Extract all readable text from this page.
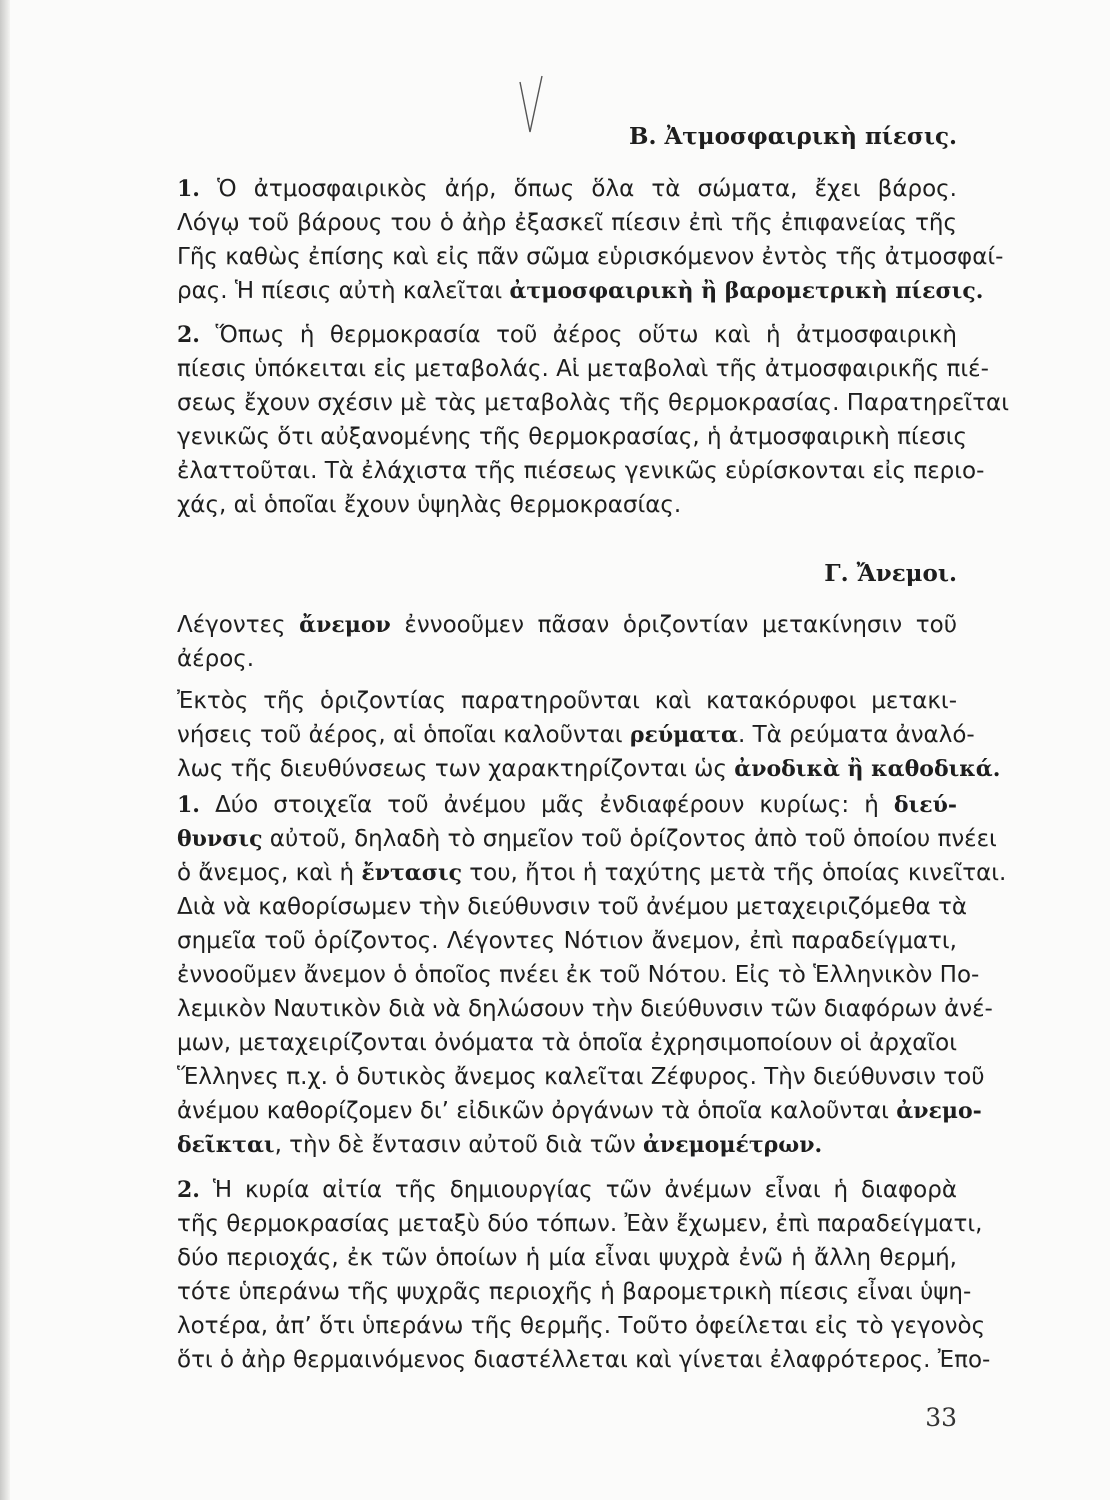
Β. Ἀτμοσφαιρικὴ πίεσις.
1. Ὁ ἀτμοσφαιρικὸς ἀήρ, ὅπως ὅλα τὰ σώματα, ἔχει βάρος.
Λόγῳ τοῦ βάρους του ὁ ἀὴρ ἐξασκεῖ πίεσιν ἐπὶ τῆς ἐπιφανείας τῆς
Γῆς καθὼς ἐπίσης καὶ εἰς πᾶν σῶμα εὑρισκόμενον ἐντὸς τῆς ἀτμοσφαί-
ρας. Ἡ πίεσις αὐτὴ καλεῖται ἀτμοσφαιρικὴ ἢ βαρομετρικὴ πίεσις.
2. Ὅπως ἡ θερμοκρασία τοῦ ἀέρος οὕτω καὶ ἡ ἀτμοσφαιρικὴ
πίεσις ὑπόκειται εἰς μεταβολάς. Αἱ μεταβολαὶ τῆς ἀτμοσφαιρικῆς πιέ-
σεως ἔχουν σχέσιν μὲ τὰς μεταβολὰς τῆς θερμοκρασίας. Παρατηρεῖται
γενικῶς ὅτι αὐξανομένης τῆς θερμοκρασίας, ἡ ἀτμοσφαιρικὴ πίεσις
ἐλαττοῦται. Τὰ ἐλάχιστα τῆς πιέσεως γενικῶς εὑρίσκονται εἰς περιο-
χάς, αἱ ὁποῖαι ἔχουν ὑψηλὰς θερμοκρασίας.
Γ. Ἄνεμοι.
Λέγοντες ἄνεμον ἐννοοῦμεν πᾶσαν ὁριζοντίαν μετακίνησιν τοῦ
ἀέρος.
Ἐκτὸς τῆς ὁριζοντίας παρατηροῦνται καὶ κατακόρυφοι μετακι-
νήσεις τοῦ ἀέρος, αἱ ὁποῖαι καλοῦνται ρεύματα. Τὰ ρεύματα ἀναλό-
λως τῆς διευθύνσεως των χαρακτηρίζονται ὡς ἀνοδικὰ ἢ καθοδικά.
1. Δύο στοιχεῖα τοῦ ἀνέμου μᾶς ἐνδιαφέρουν κυρίως: ἡ διεύ-
θυνσις αὐτοῦ, δηλαδὴ τὸ σημεῖον τοῦ ὁρίζοντος ἀπὸ τοῦ ὁποίου πνέει
ὁ ἄνεμος, καὶ ἡ ἔντασις του, ἤτοι ἡ ταχύτης μετὰ τῆς ὁποίας κινεῖται.
Διὰ νὰ καθορίσωμεν τὴν διεύθυνσιν τοῦ ἀνέμου μεταχειριζόμεθα τὰ
σημεῖα τοῦ ὁρίζοντος. Λέγοντες Νότιον ἄνεμον, ἐπὶ παραδείγματι,
ἐννοοῦμεν ἄνεμον ὁ ὁποῖος πνέει ἐκ τοῦ Νότου. Εἰς τὸ Ἑλληνικὸν Πο-
λεμικὸν Ναυτικὸν διὰ νὰ δηλώσουν τὴν διεύθυνσιν τῶν διαφόρων ἀνέ-
μων, μεταχειρίζονται ὀνόματα τὰ ὁποῖα ἐχρησιμοποίουν οἱ ἀρχαῖοι
Ἕλληνες π.χ. ὁ δυτικὸς ἄνεμος καλεῖται Ζέφυρος. Τὴν διεύθυνσιν τοῦ
ἀνέμου καθορίζομεν δι’ εἰδικῶν ὀργάνων τὰ ὁποῖα καλοῦνται ἀνεμο-
δεῖκται, τὴν δὲ ἔντασιν αὐτοῦ διὰ τῶν ἀνεμομέτρων.
2. Ἡ κυρία αἰτία τῆς δημιουργίας τῶν ἀνέμων εἶναι ἡ διαφορὰ
τῆς θερμοκρασίας μεταξὺ δύο τόπων. Ἐὰν ἔχωμεν, ἐπὶ παραδείγματι,
δύο περιοχάς, ἐκ τῶν ὁποίων ἡ μία εἶναι ψυχρὰ ἐνῶ ἡ ἄλλη θερμή,
τότε ὑπεράνω τῆς ψυχρᾶς περιοχῆς ἡ βαρομετρικὴ πίεσις εἶναι ὑψη-
λοτέρα, ἀπ’ ὅτι ὑπεράνω τῆς θερμῆς. Τοῦτο ὀφείλεται εἰς τὸ γεγονὸς
ὅτι ὁ ἀὴρ θερμαινόμενος διαστέλλεται καὶ γίνεται ἐλαφρότερος. Ἐπο-
33
